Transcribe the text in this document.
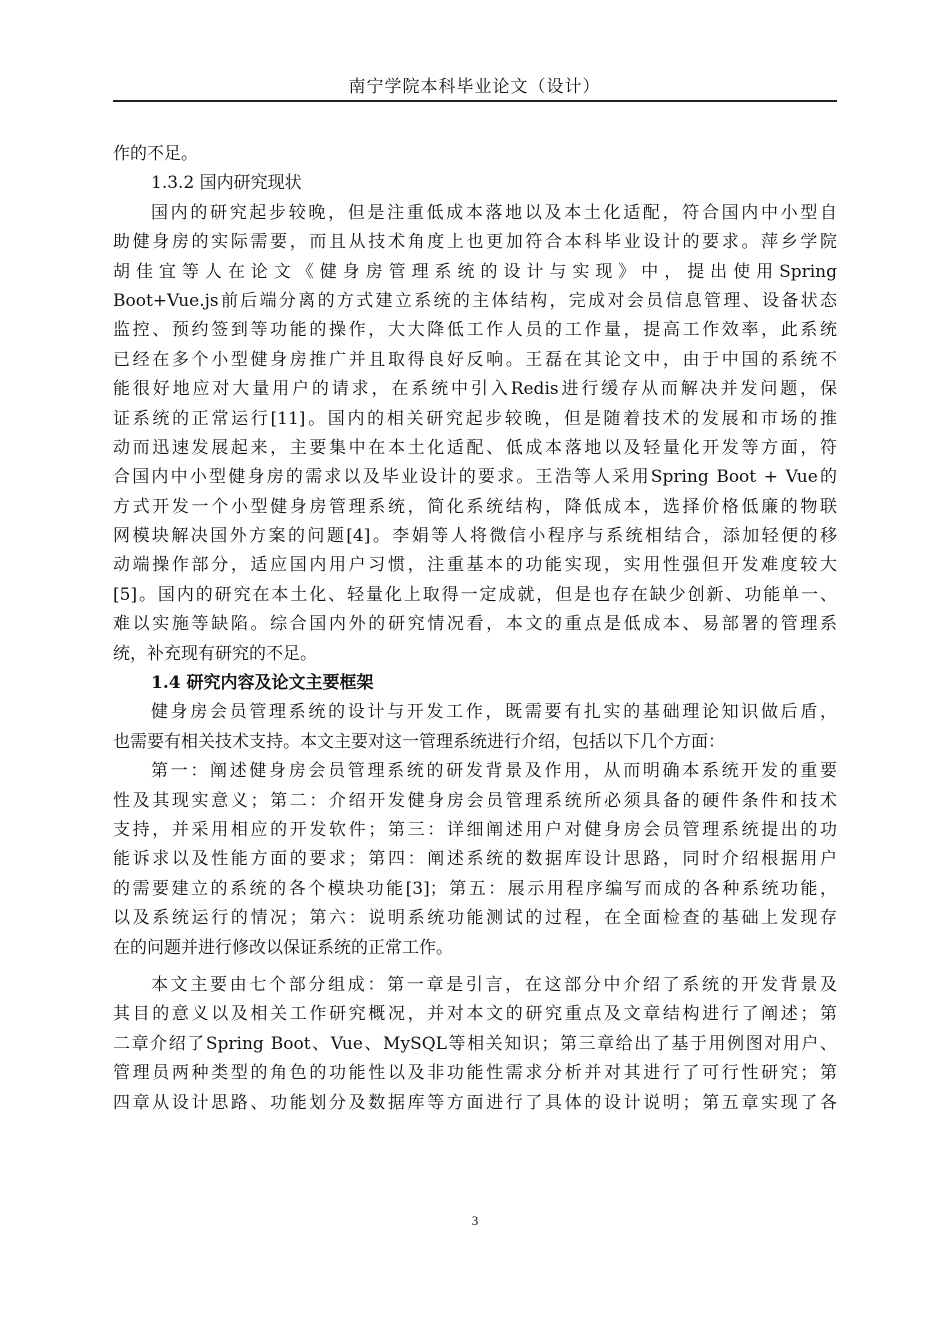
南宁学院本科毕业论文（设计）
作的不足。
1.3.2 国内研究现状
国内的研究起步较晚，但是注重低成本落地以及本土化适配，符合国内中小型自
助健身房的实际需要，而且从技术角度上也更加符合本科毕业设计的要求。萍乡学院
胡佳宜等人在论文《健身房管理系统的设计与实现》中，提出使用Spring
Boot+Vue.js前后端分离的方式建立系统的主体结构，完成对会员信息管理、设备状态
监控、预约签到等功能的操作，大大降低工作人员的工作量，提高工作效率，此系统
已经在多个小型健身房推广并且取得良好反响。王磊在其论文中，由于中国的系统不
能很好地应对大量用户的请求，在系统中引入Redis进行缓存从而解决并发问题，保
证系统的正常运行[11]。国内的相关研究起步较晚，但是随着技术的发展和市场的推
动而迅速发展起来，主要集中在本土化适配、低成本落地以及轻量化开发等方面，符
合国内中小型健身房的需求以及毕业设计的要求。王浩等人采用Spring Boot + Vue的
方式开发一个小型健身房管理系统，简化系统结构，降低成本，选择价格低廉的物联
网模块解决国外方案的问题[4]。李娟等人将微信小程序与系统相结合，添加轻便的移
动端操作部分，适应国内用户习惯，注重基本的功能实现，实用性强但开发难度较大
[5]。国内的研究在本土化、轻量化上取得一定成就，但是也存在缺少创新、功能单一、
难以实施等缺陷。综合国内外的研究情况看，本文的重点是低成本、易部署的管理系
统，补充现有研究的不足。
1.4 研究内容及论文主要框架
健身房会员管理系统的设计与开发工作，既需要有扎实的基础理论知识做后盾，
也需要有相关技术支持。本文主要对这一管理系统进行介绍，包括以下几个方面：
第一：阐述健身房会员管理系统的研发背景及作用，从而明确本系统开发的重要
性及其现实意义；第二：介绍开发健身房会员管理系统所必须具备的硬件条件和技术
支持，并采用相应的开发软件；第三：详细阐述用户对健身房会员管理系统提出的功
能诉求以及性能方面的要求；第四：阐述系统的数据库设计思路，同时介绍根据用户
的需要建立的系统的各个模块功能[3]；第五：展示用程序编写而成的各种系统功能，
以及系统运行的情况；第六：说明系统功能测试的过程，在全面检查的基础上发现存
在的问题并进行修改以保证系统的正常工作。
本文主要由七个部分组成：第一章是引言，在这部分中介绍了系统的开发背景及
其目的意义以及相关工作研究概况，并对本文的研究重点及文章结构进行了阐述；第
二章介绍了Spring Boot、Vue、MySQL等相关知识；第三章给出了基于用例图对用户、
管理员两种类型的角色的功能性以及非功能性需求分析并对其进行了可行性研究；第
四章从设计思路、功能划分及数据库等方面进行了具体的设计说明；第五章实现了各
3
